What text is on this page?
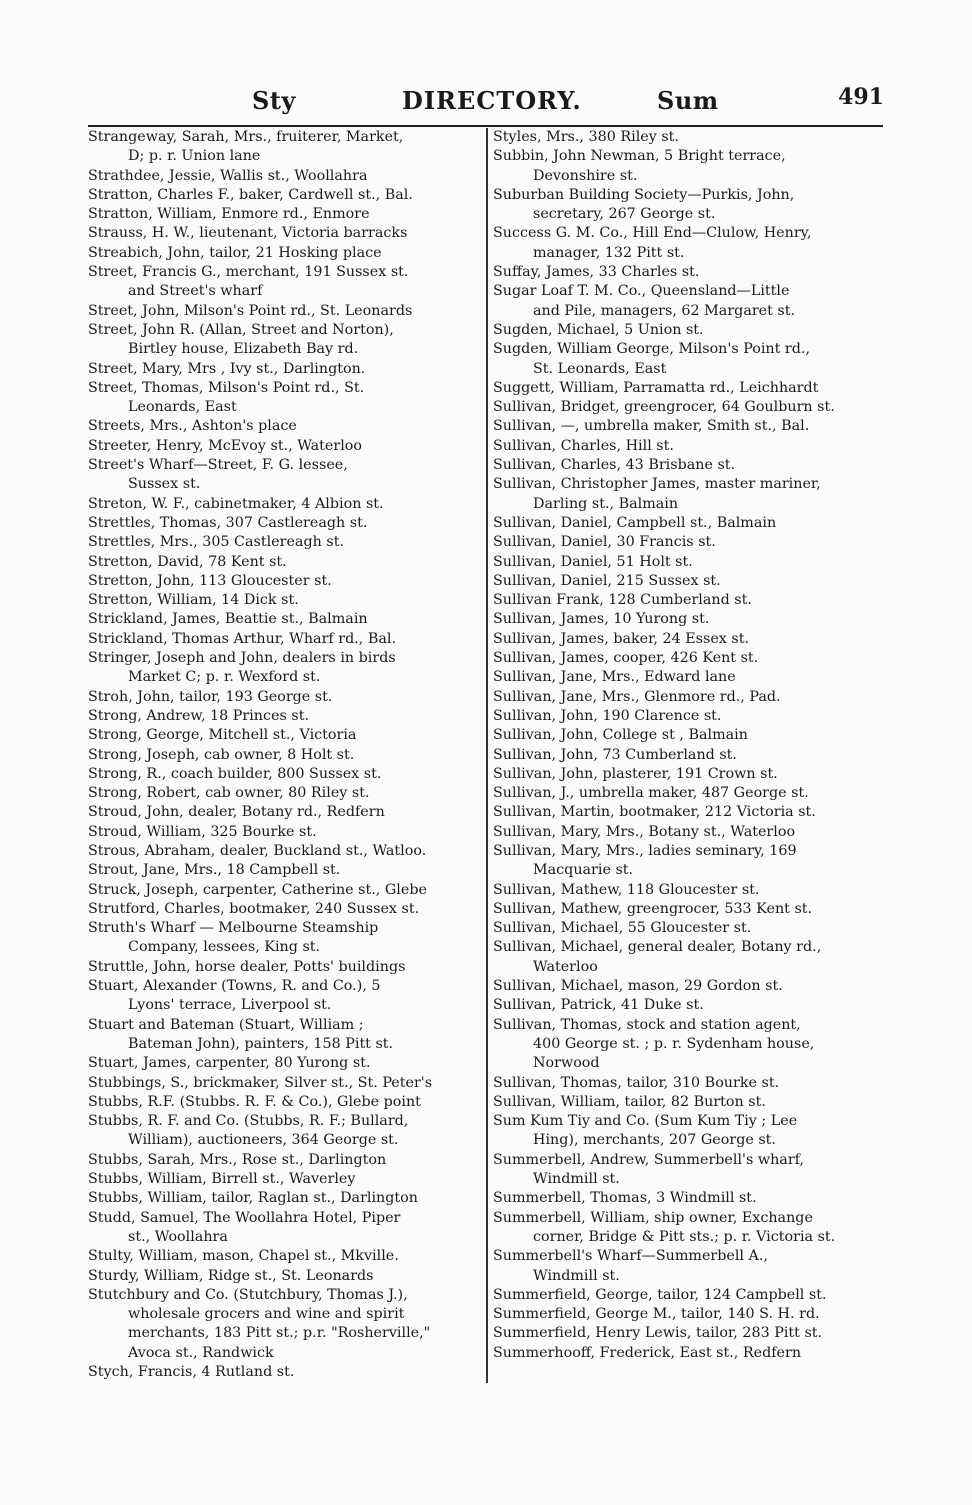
Sty	DIRECTORY.	Sum	491
Strangeway, Sarah, Mrs., fruiterer, Market,
D; p. r. Union lane
Strathdee, Jessie, Wallis st., Woollahra
Stratton, Charles F., baker, Cardwell st., Bal.
Stratton, William, Enmore rd., Enmore
Strauss, H. W., lieutenant, Victoria barracks
Streabich, John, tailor, 21 Hosking place
Street, Francis G., merchant, 191 Sussex st.
and Street's wharf
Street, John, Milson's Point rd., St. Leonards
Street, John R. (Allan, Street and Norton),
Birtley house, Elizabeth Bay rd.
Street, Mary, Mrs , Ivy st., Darlington.
Street, Thomas, Milson's Point rd., St.
Leonards, East
Streets, Mrs., Ashton's place
Streeter, Henry, McEvoy st., Waterloo
Street's Wharf—Street, F. G. lessee,
Sussex st.
Streton, W. F., cabinetmaker, 4 Albion st.
Strettles, Thomas, 307 Castlereagh st.
Strettles, Mrs., 305 Castlereagh st.
Stretton, David, 78 Kent st.
Stretton, John, 113 Gloucester st.
Stretton, William, 14 Dick st.
Strickland, James, Beattie st., Balmain
Strickland, Thomas Arthur, Wharf rd., Bal.
Stringer, Joseph and John, dealers in birds
Market C; p. r. Wexford st.
Stroh, John, tailor, 193 George st.
Strong, Andrew, 18 Princes st.
Strong, George, Mitchell st., Victoria
Strong, Joseph, cab owner, 8 Holt st.
Strong, R., coach builder, 800 Sussex st.
Strong, Robert, cab owner, 80 Riley st.
Stroud, John, dealer, Botany rd., Redfern
Stroud, William, 325 Bourke st.
Strous, Abraham, dealer, Buckland st., Watloo.
Strout, Jane, Mrs., 18 Campbell st.
Struck, Joseph, carpenter, Catherine st., Glebe
Strutford, Charles, bootmaker, 240 Sussex st.
Struth's Wharf — Melbourne Steamship
Company, lessees, King st.
Struttle, John, horse dealer, Potts' buildings
Stuart, Alexander (Towns, R. and Co.), 5
Lyons' terrace, Liverpool st.
Stuart and Bateman (Stuart, William ;
Bateman John), painters, 158 Pitt st.
Stuart, James, carpenter, 80 Yurong st.
Stubbings, S., brickmaker, Silver st., St. Peter's
Stubbs, R.F. (Stubbs. R. F. & Co.), Glebe point
Stubbs, R. F. and Co. (Stubbs, R. F.; Bullard,
William), auctioneers, 364 George st.
Stubbs, Sarah, Mrs., Rose st., Darlington
Stubbs, William, Birrell st., Waverley
Stubbs, William, tailor, Raglan st., Darlington
Studd, Samuel, The Woollahra Hotel, Piper
st., Woollahra
Stulty, William, mason, Chapel st., Mkville.
Sturdy, William, Ridge st., St. Leonards
Stutchbury and Co. (Stutchbury, Thomas J.),
wholesale grocers and wine and spirit
merchants, 183 Pitt st.; p.r. "Rosherville,"
Avoca st., Randwick
Stych, Francis, 4 Rutland st.
Styles, Mrs., 380 Riley st.
Subbin, John Newman, 5 Bright terrace,
Devonshire st.
Suburban Building Society—Purkis, John,
secretary, 267 George st.
Success G. M. Co., Hill End—Clulow, Henry,
manager, 132 Pitt st.
Suffay, James, 33 Charles st.
Sugar Loaf T. M. Co., Queensland—Little
and Pile, managers, 62 Margaret st.
Sugden, Michael, 5 Union st.
Sugden, William George, Milson's Point rd.,
St. Leonards, East
Suggett, William, Parramatta rd., Leichhardt
Sullivan, Bridget, greengrocer, 64 Goulburn st.
Sullivan, —, umbrella maker, Smith st., Bal.
Sullivan, Charles, Hill st.
Sullivan, Charles, 43 Brisbane st.
Sullivan, Christopher James, master mariner,
Darling st., Balmain
Sullivan, Daniel, Campbell st., Balmain
Sullivan, Daniel, 30 Francis st.
Sullivan, Daniel, 51 Holt st.
Sullivan, Daniel, 215 Sussex st.
Sullivan Frank, 128 Cumberland st.
Sullivan, James, 10 Yurong st.
Sullivan, James, baker, 24 Essex st.
Sullivan, James, cooper, 426 Kent st.
Sullivan, Jane, Mrs., Edward lane
Sullivan, Jane, Mrs., Glenmore rd., Pad.
Sullivan, John, 190 Clarence st.
Sullivan, John, College st , Balmain
Sullivan, John, 73 Cumberland st.
Sullivan, John, plasterer, 191 Crown st.
Sullivan, J., umbrella maker, 487 George st.
Sullivan, Martin, bootmaker, 212 Victoria st.
Sullivan, Mary, Mrs., Botany st., Waterloo
Sullivan, Mary, Mrs., ladies seminary, 169
Macquarie st.
Sullivan, Mathew, 118 Gloucester st.
Sullivan, Mathew, greengrocer, 533 Kent st.
Sullivan, Michael, 55 Gloucester st.
Sullivan, Michael, general dealer, Botany rd.,
Waterloo
Sullivan, Michael, mason, 29 Gordon st.
Sullivan, Patrick, 41 Duke st.
Sullivan, Thomas, stock and station agent,
400 George st. ; p. r. Sydenham house,
Norwood
Sullivan, Thomas, tailor, 310 Bourke st.
Sullivan, William, tailor, 82 Burton st.
Sum Kum Tiy and Co. (Sum Kum Tiy ; Lee
Hing), merchants, 207 George st.
Summerbell, Andrew, Summerbell's wharf,
Windmill st.
Summerbell, Thomas, 3 Windmill st.
Summerbell, William, ship owner, Exchange
corner, Bridge & Pitt sts.; p. r. Victoria st.
Summerbell's Wharf—Summerbell A.,
Windmill st.
Summerfield, George, tailor, 124 Campbell st.
Summerfield, George M., tailor, 140 S. H. rd.
Summerfield, Henry Lewis, tailor, 283 Pitt st.
Summerhooff, Frederick, East st., Redfern
